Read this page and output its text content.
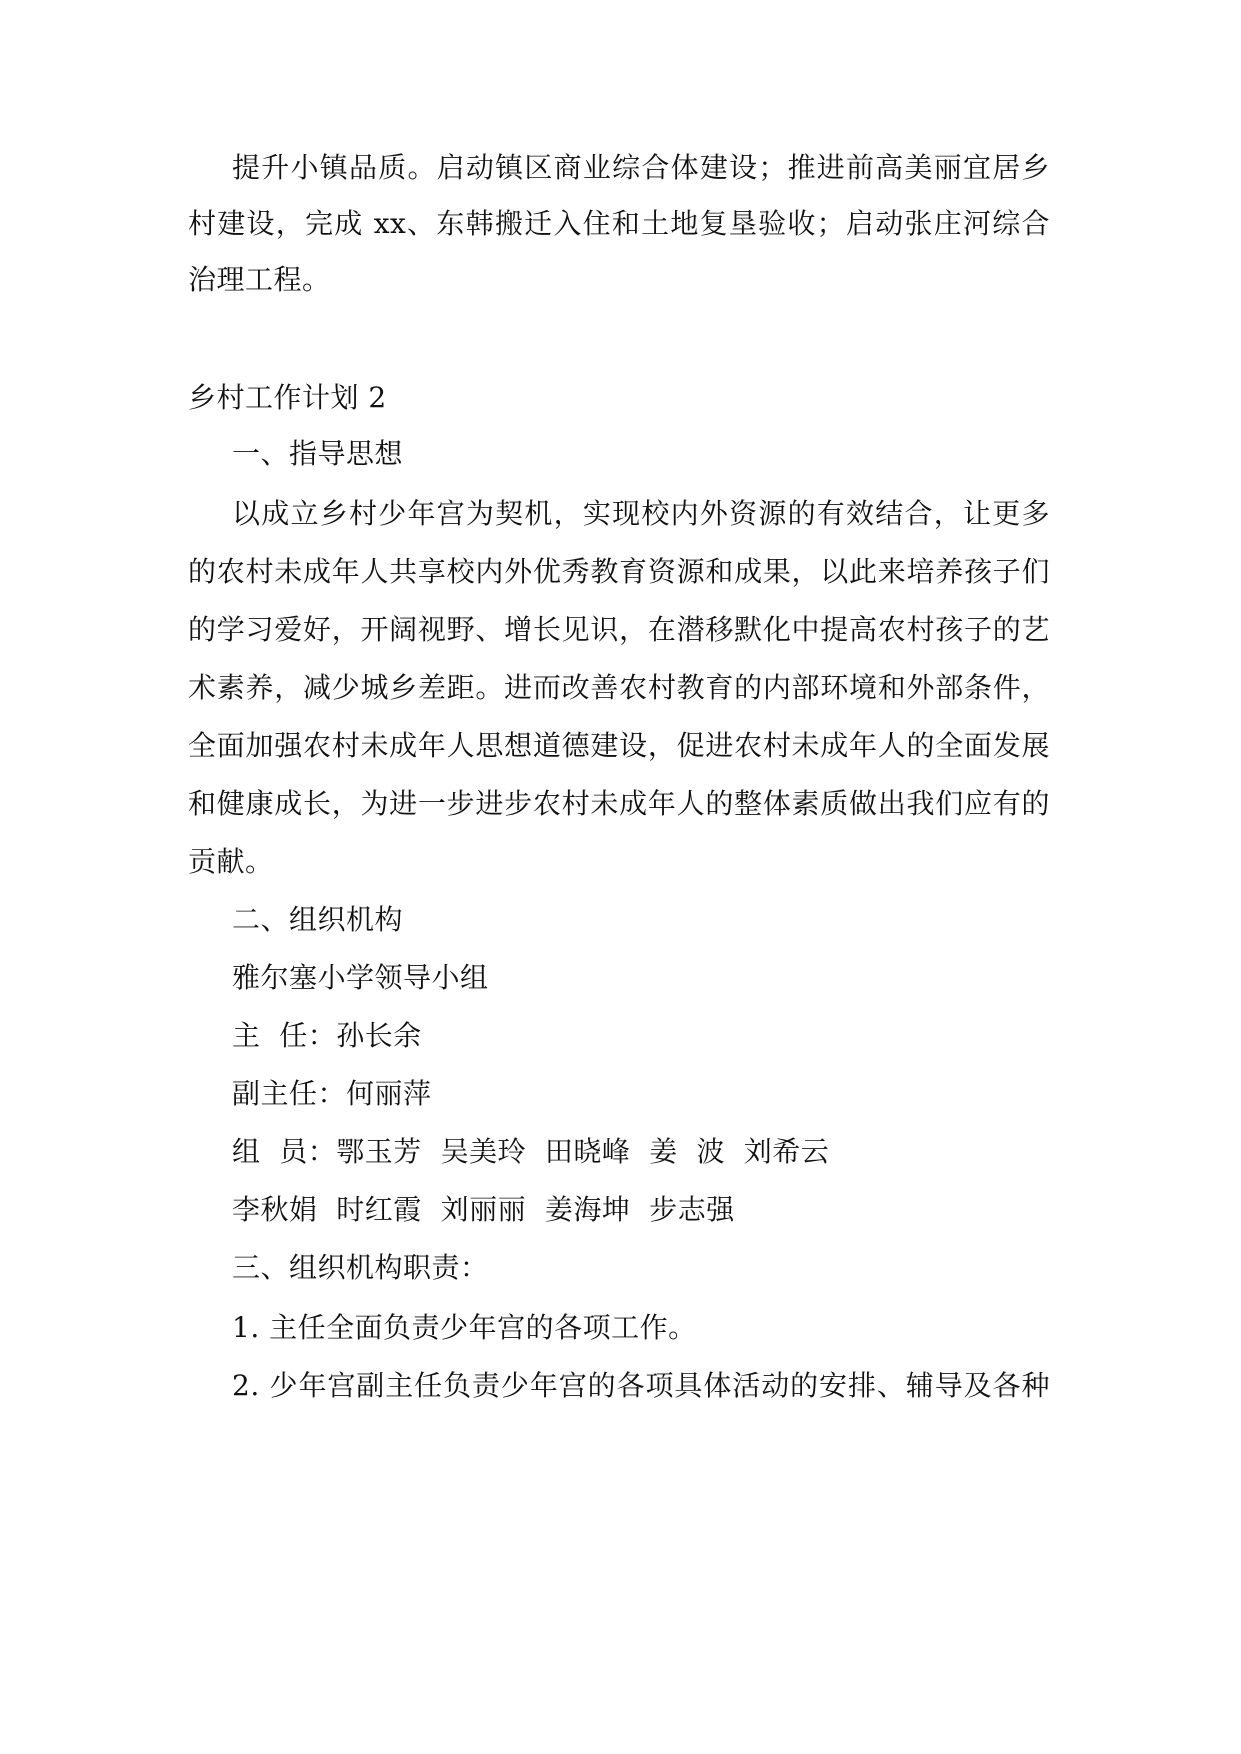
提升小镇品质。启动镇区商业综合体建设；推进前高美丽宜居乡
村建设，完成 xx、东韩搬迁入住和土地复垦验收；启动张庄河综合
治理工程。
乡村工作计划 2
一、指导思想
以成立乡村少年宫为契机，实现校内外资源的有效结合，让更多
的农村未成年人共享校内外优秀教育资源和成果，以此来培养孩子们
的学习爱好，开阔视野、增长见识，在潜移默化中提高农村孩子的艺
术素养，减少城乡差距。进而改善农村教育的内部环境和外部条件，
全面加强农村未成年人思想道德建设，促进农村未成年人的全面发展
和健康成长，为进一步进步农村未成年人的整体素质做出我们应有的
贡献。
二、组织机构
雅尔塞小学领导小组
主  任：孙长余
副主任：何丽萍
组  员：鄂玉芳  吴美玲  田晓峰  姜  波  刘希云
李秋娟  时红霞  刘丽丽  姜海坤  步志强
三、组织机构职责：
1. 主任全面负责少年宫的各项工作。
2. 少年宫副主任负责少年宫的各项具体活动的安排、辅导及各种
